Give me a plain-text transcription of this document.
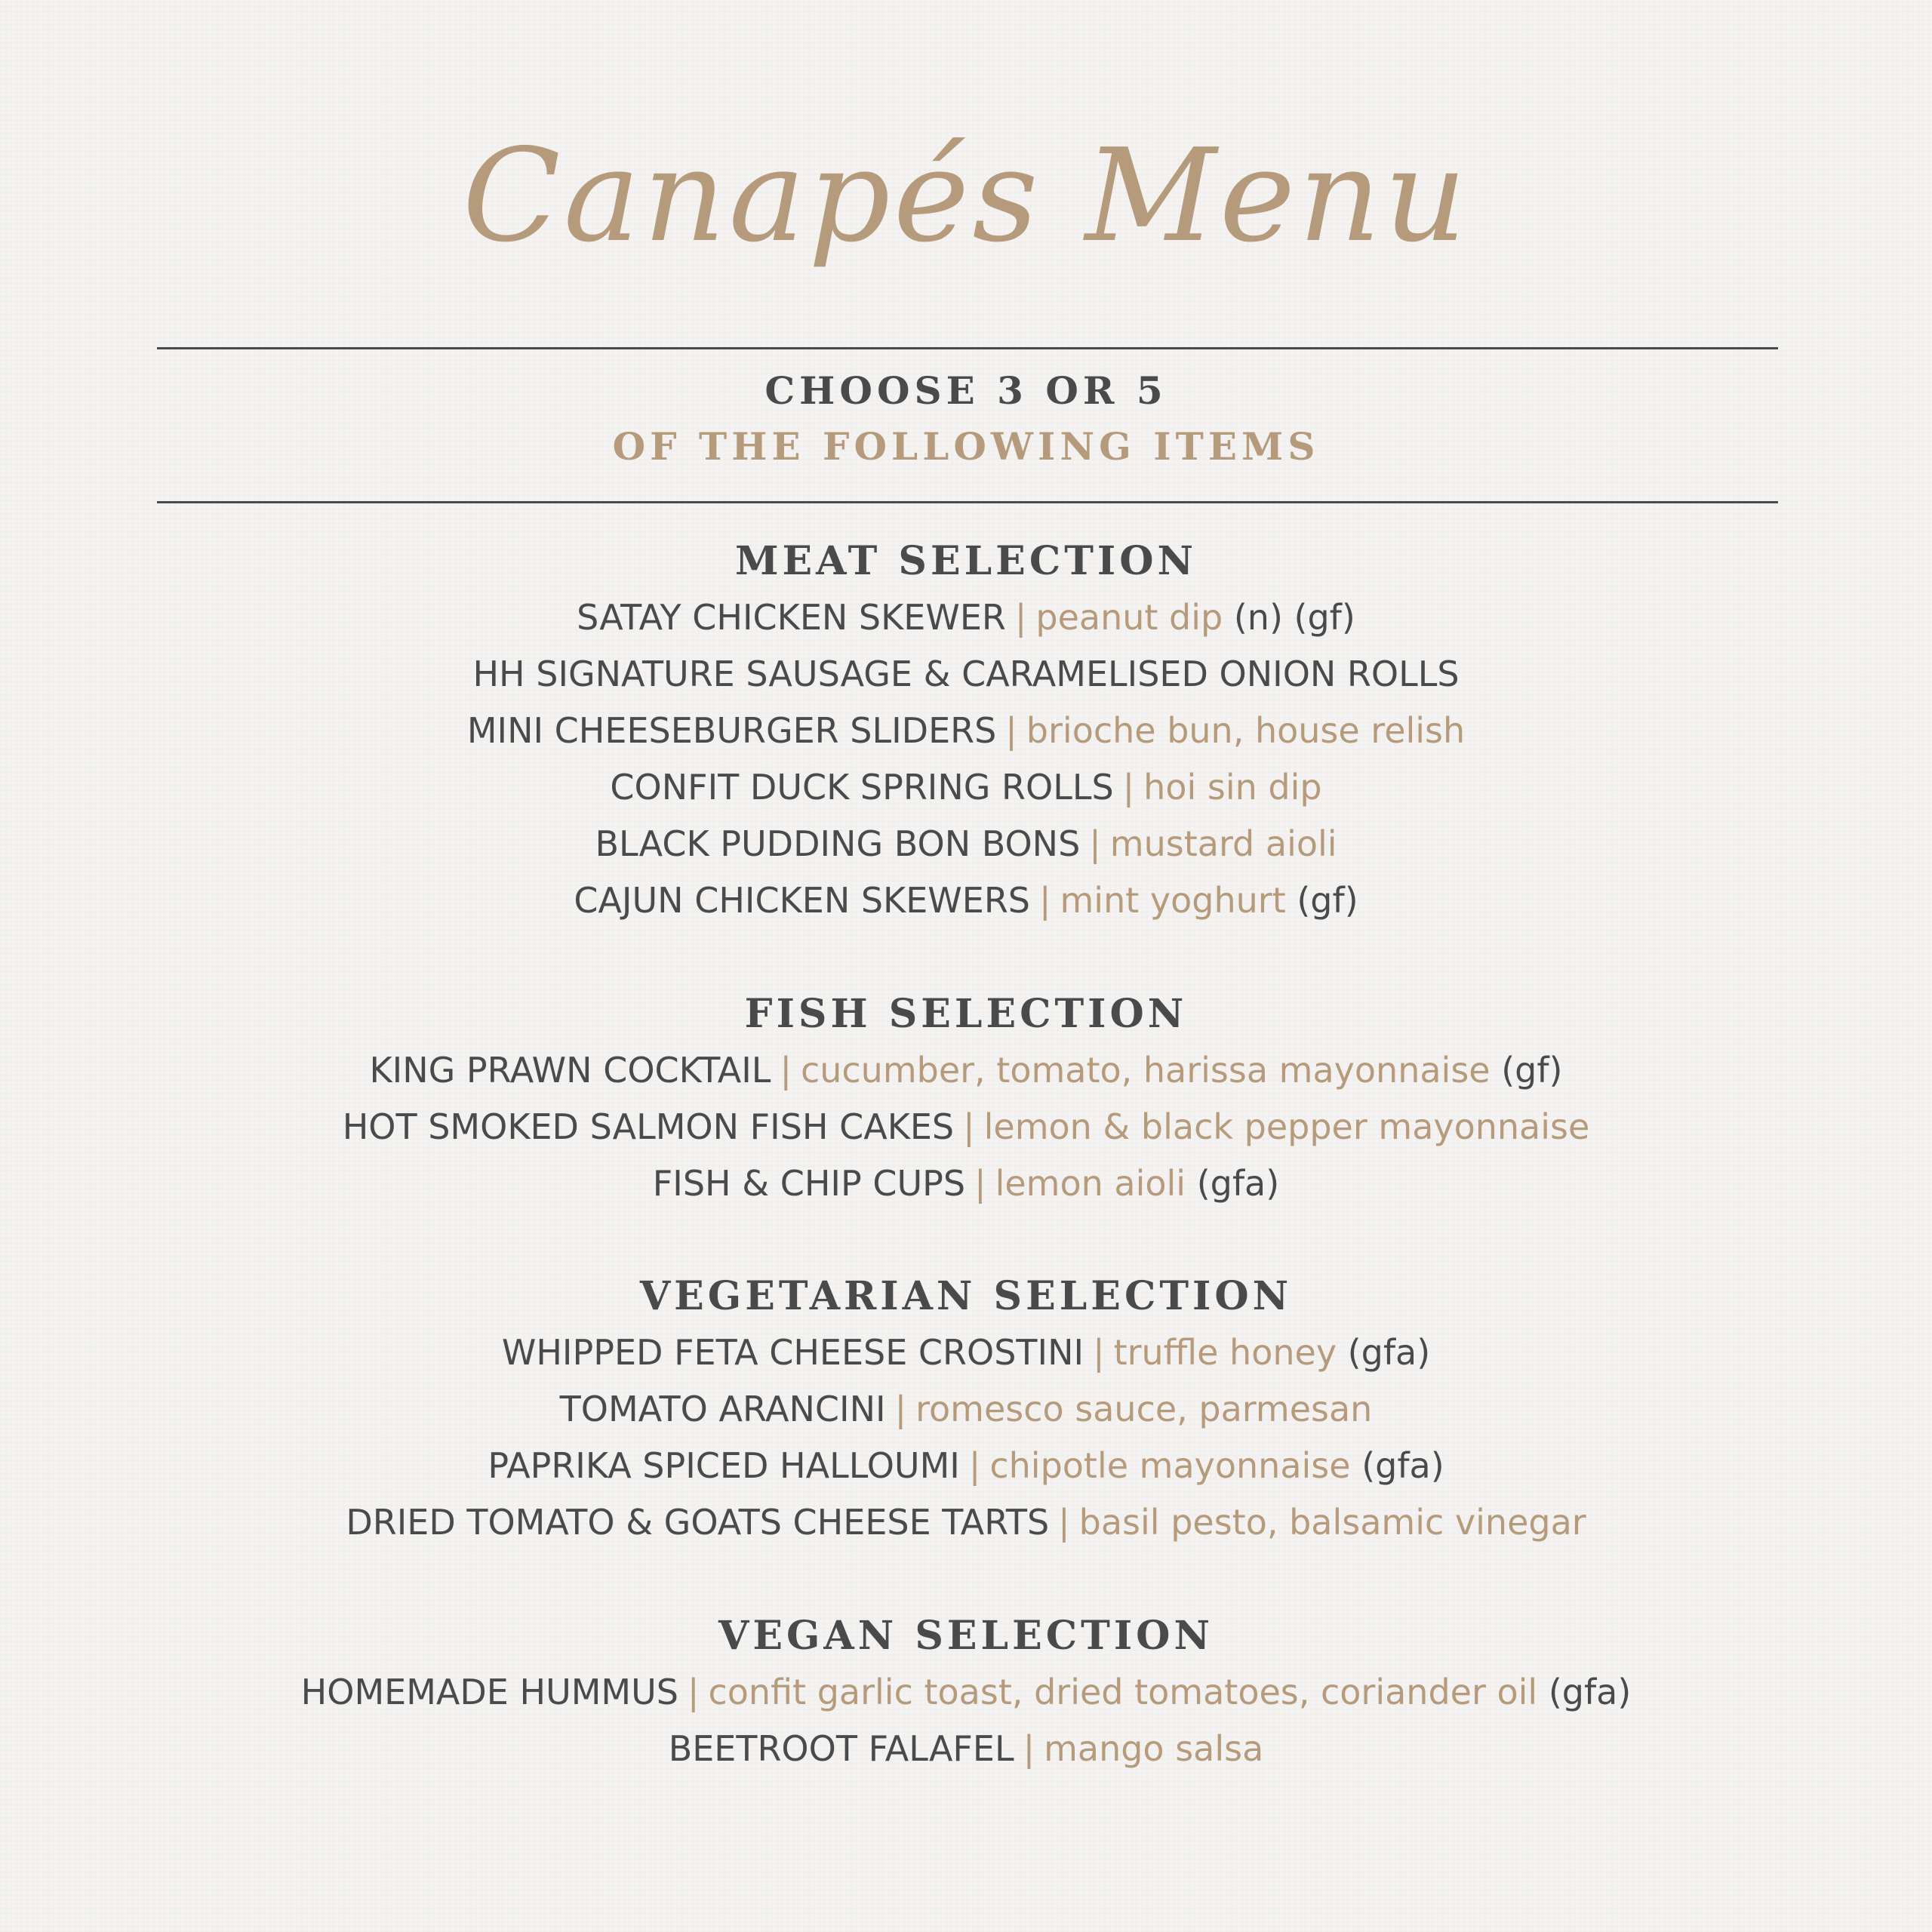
Canapés Menu
CHOOSE 3 OR 5
OF THE FOLLOWING ITEMS
MEAT SELECTION
SATAY CHICKEN SKEWER | peanut dip (n) (gf)
HH SIGNATURE SAUSAGE & CARAMELISED ONION ROLLS
MINI CHEESEBURGER SLIDERS | brioche bun, house relish
CONFIT DUCK SPRING ROLLS | hoi sin dip
BLACK PUDDING BON BONS | mustard aioli
CAJUN CHICKEN SKEWERS | mint yoghurt (gf)
FISH SELECTION
KING PRAWN COCKTAIL | cucumber, tomato, harissa mayonnaise (gf)
HOT SMOKED SALMON FISH CAKES | lemon & black pepper mayonnaise
FISH & CHIP CUPS | lemon aioli (gfa)
VEGETARIAN SELECTION
WHIPPED FETA CHEESE CROSTINI | truffle honey (gfa)
TOMATO ARANCINI | romesco sauce, parmesan
PAPRIKA SPICED HALLOUMI | chipotle mayonnaise (gfa)
DRIED TOMATO & GOATS CHEESE TARTS | basil pesto, balsamic vinegar
VEGAN SELECTION
HOMEMADE HUMMUS | confit garlic toast, dried tomatoes, coriander oil (gfa)
BEETROOT FALAFEL | mango salsa
